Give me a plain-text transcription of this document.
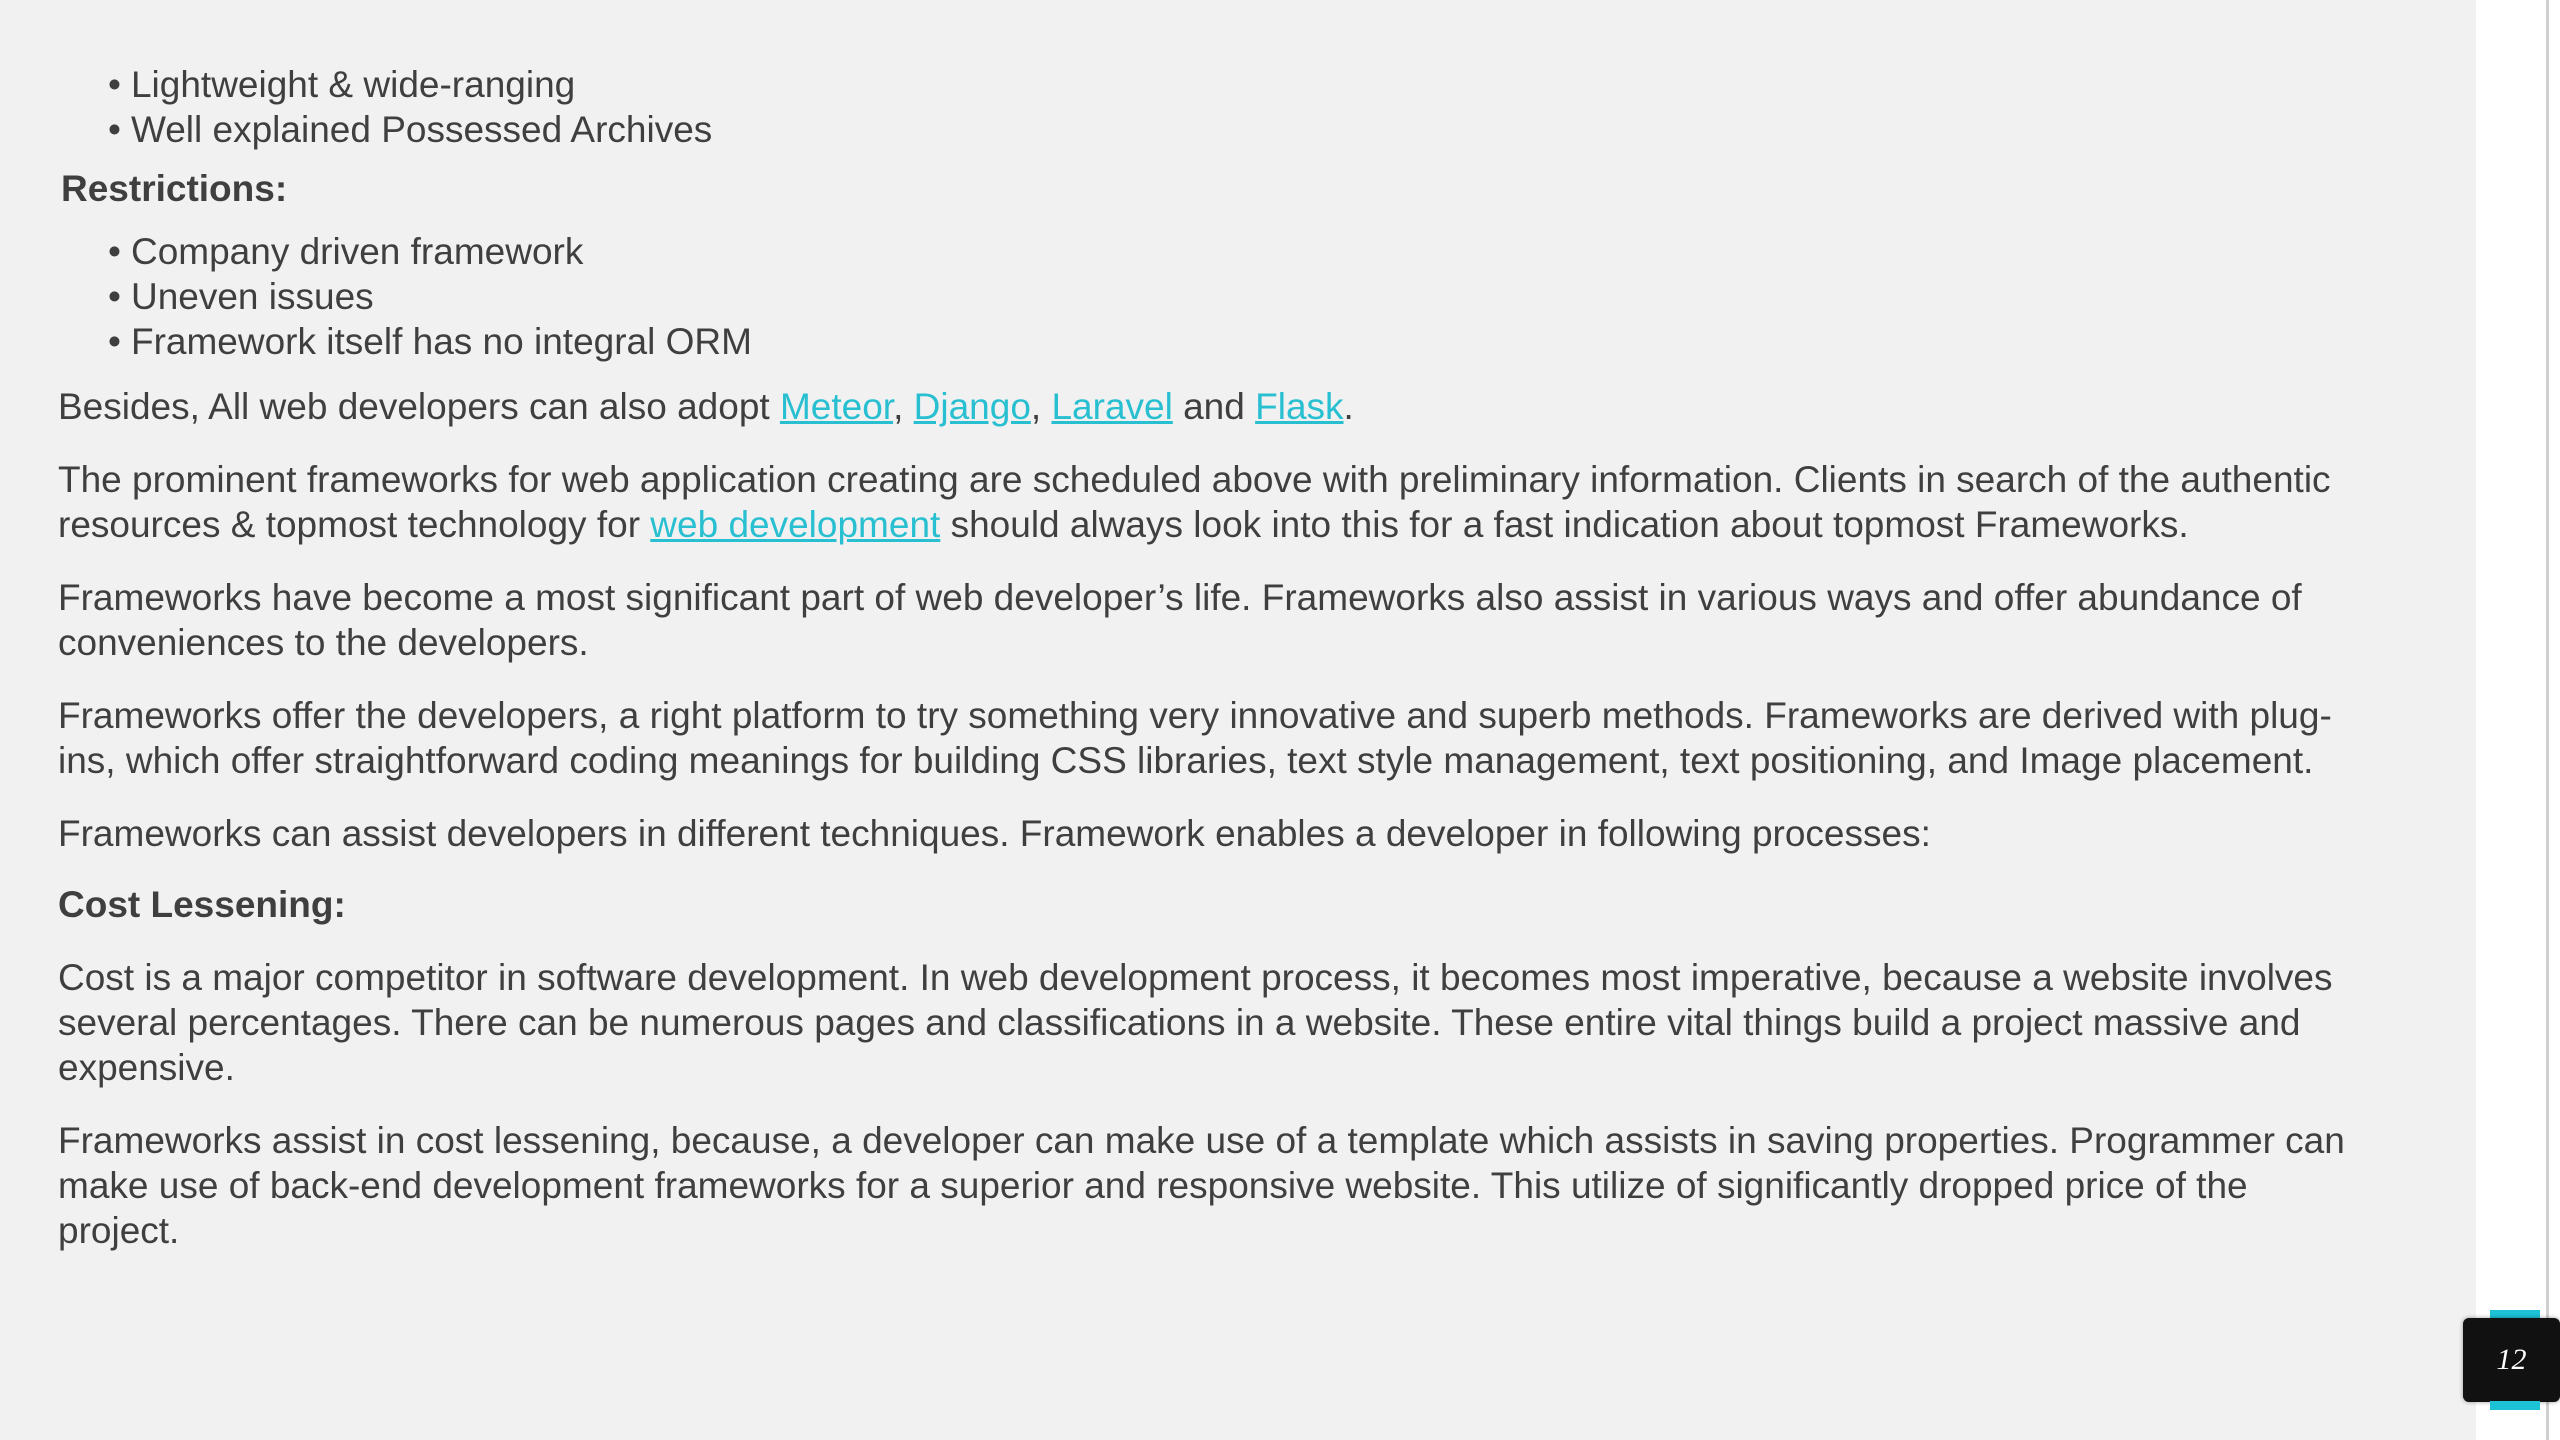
• Lightweight & wide-ranging
• Well explained Possessed Archives
Restrictions:
• Company driven framework
• Uneven issues
• Framework itself has no integral ORM

Besides, All web developers can also adopt Meteor, Django, Laravel and Flask.

The prominent frameworks for web application creating are scheduled above with preliminary information. Clients in search of the authentic resources & topmost technology for web development should always look into this for a fast indication about topmost Frameworks.

Frameworks have become a most significant part of web developer’s life. Frameworks also assist in various ways and offer abundance of conveniences to the developers.

Frameworks offer the developers, a right platform to try something very innovative and superb methods. Frameworks are derived with plug-ins, which offer straightforward coding meanings for building CSS libraries, text style management, text positioning, and Image placement.

Frameworks can assist developers in different techniques. Framework enables a developer in following processes:

Cost Lessening:

Cost is a major competitor in software development. In web development process, it becomes most imperative, because a website involves several percentages. There can be numerous pages and classifications in a website. These entire vital things build a project massive and expensive.

Frameworks assist in cost lessening, because, a developer can make use of a template which assists in saving properties. Programmer can make use of back-end development frameworks for a superior and responsive website. This utilize of significantly dropped price of the project.

12
